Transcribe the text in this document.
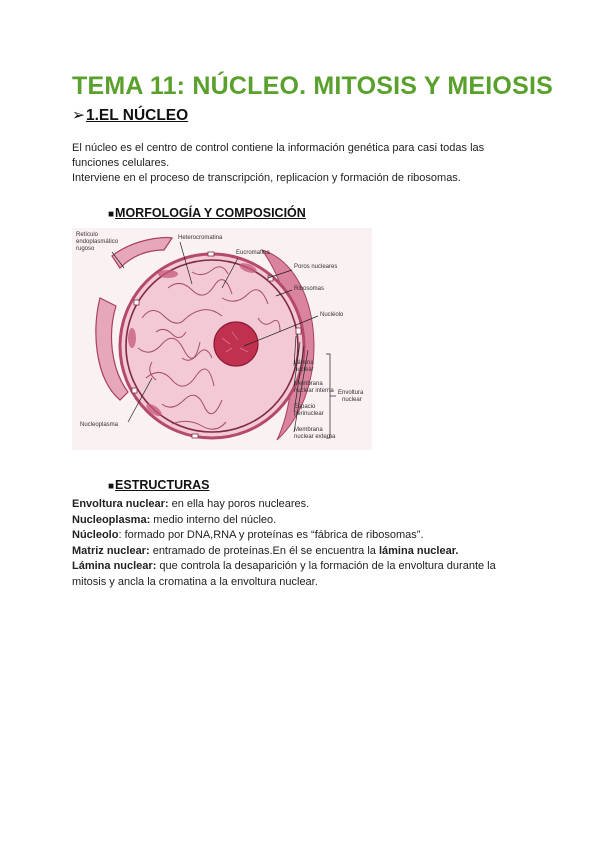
TEMA 11: NÚCLEO. MITOSIS Y MEIOSIS
➢1.EL NÚCLEO

El núcleo es el centro de control contiene la información genética para casi todas las funciones celulares.

Interviene en el proceso de transcripción, replicacion y formación de ribosomas.

■MORFOLOGÍA Y COMPOSICIÓN
Retículo
endoplasmático
rugoso
Heterocromatina
Eucromatina
Poros nucleares
Ribosomas
Nucléolo
Lámina
nuclear
Membrana
nuclear interna
Espacio
perinuclear
Membrana
nuclear externa
Envoltura
nuclear
Nucleoplasma
■ESTRUCTURAS

Envoltura nuclear: en ella hay poros nucleares.

Nucleoplasma: medio interno del núcleo.

Núcleolo: formado por DNA,RNA y proteínas es “fábrica de ribosomas”.

Matriz nuclear: entramado de proteínas.En él se encuentra la lámina nuclear.

Lámina nuclear: que controla la desaparición y la formación de la envoltura durante la mitosis y ancla la cromatina a la envoltura nuclear.
